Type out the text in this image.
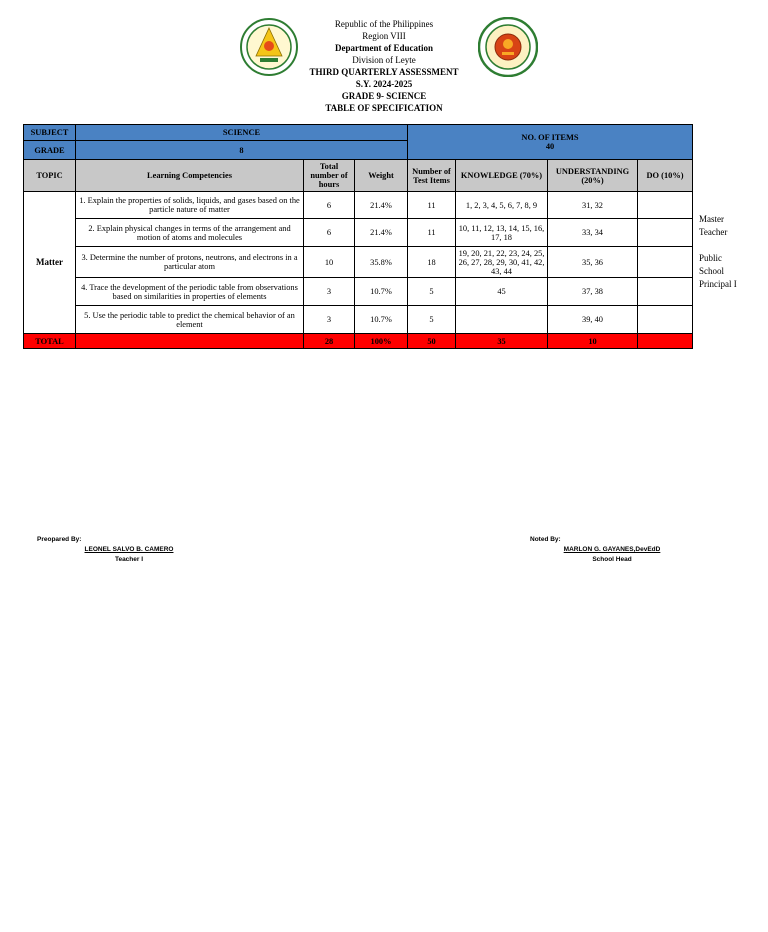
Republic of the Philippines
Region VIII
Department of Education
Division of Leyte
THIRD QUARTERLY ASSESSMENT
S.Y. 2024-2025
GRADE 9- SCIENCE
TABLE OF SPECIFICATION
SUBJECT	SCIENCE			NO. OF ITEMS
40			

GRADE	8						
TOPIC	Learning Competencies	Total number of hours	Weight	Number of Test Items	KNOWLEDGE (70%)	UNDERSTANDING (20%)	DO (10%)
Matter	1. Explain the properties of solids, liquids, and gases based on the particle nature of matter	6	21.4%	11	1, 2, 3, 4, 5, 6, 7, 8, 9	31, 32	
	2. Explain physical changes in terms of the arrangement and motion of atoms and molecules	6	21.4%	11	10, 11, 12, 13, 14, 15, 16, 17, 18	33, 34	
	3. Determine the number of protons, neutrons, and electrons in a particular atom	10	35.8%	18	19, 20, 21, 22, 23, 24, 25, 26, 27, 28, 29, 30, 41, 42, 43, 44	35, 36	
	4. Trace the development of the periodic table from observations based on similarities in properties of elements	3	10.7%	5	45	37, 38	
	5. Use the periodic table to predict the chemical behavior of an element	3	10.7%	5		39, 40	
TOTAL		28	100%	50	35	10	
Master Teacher
Public School Principal I
Preopared By:
LEONEL SALVO B. CAMERO
Teacher I
Noted By:
MARLON G. GAYANES,DevEdD
School Head
